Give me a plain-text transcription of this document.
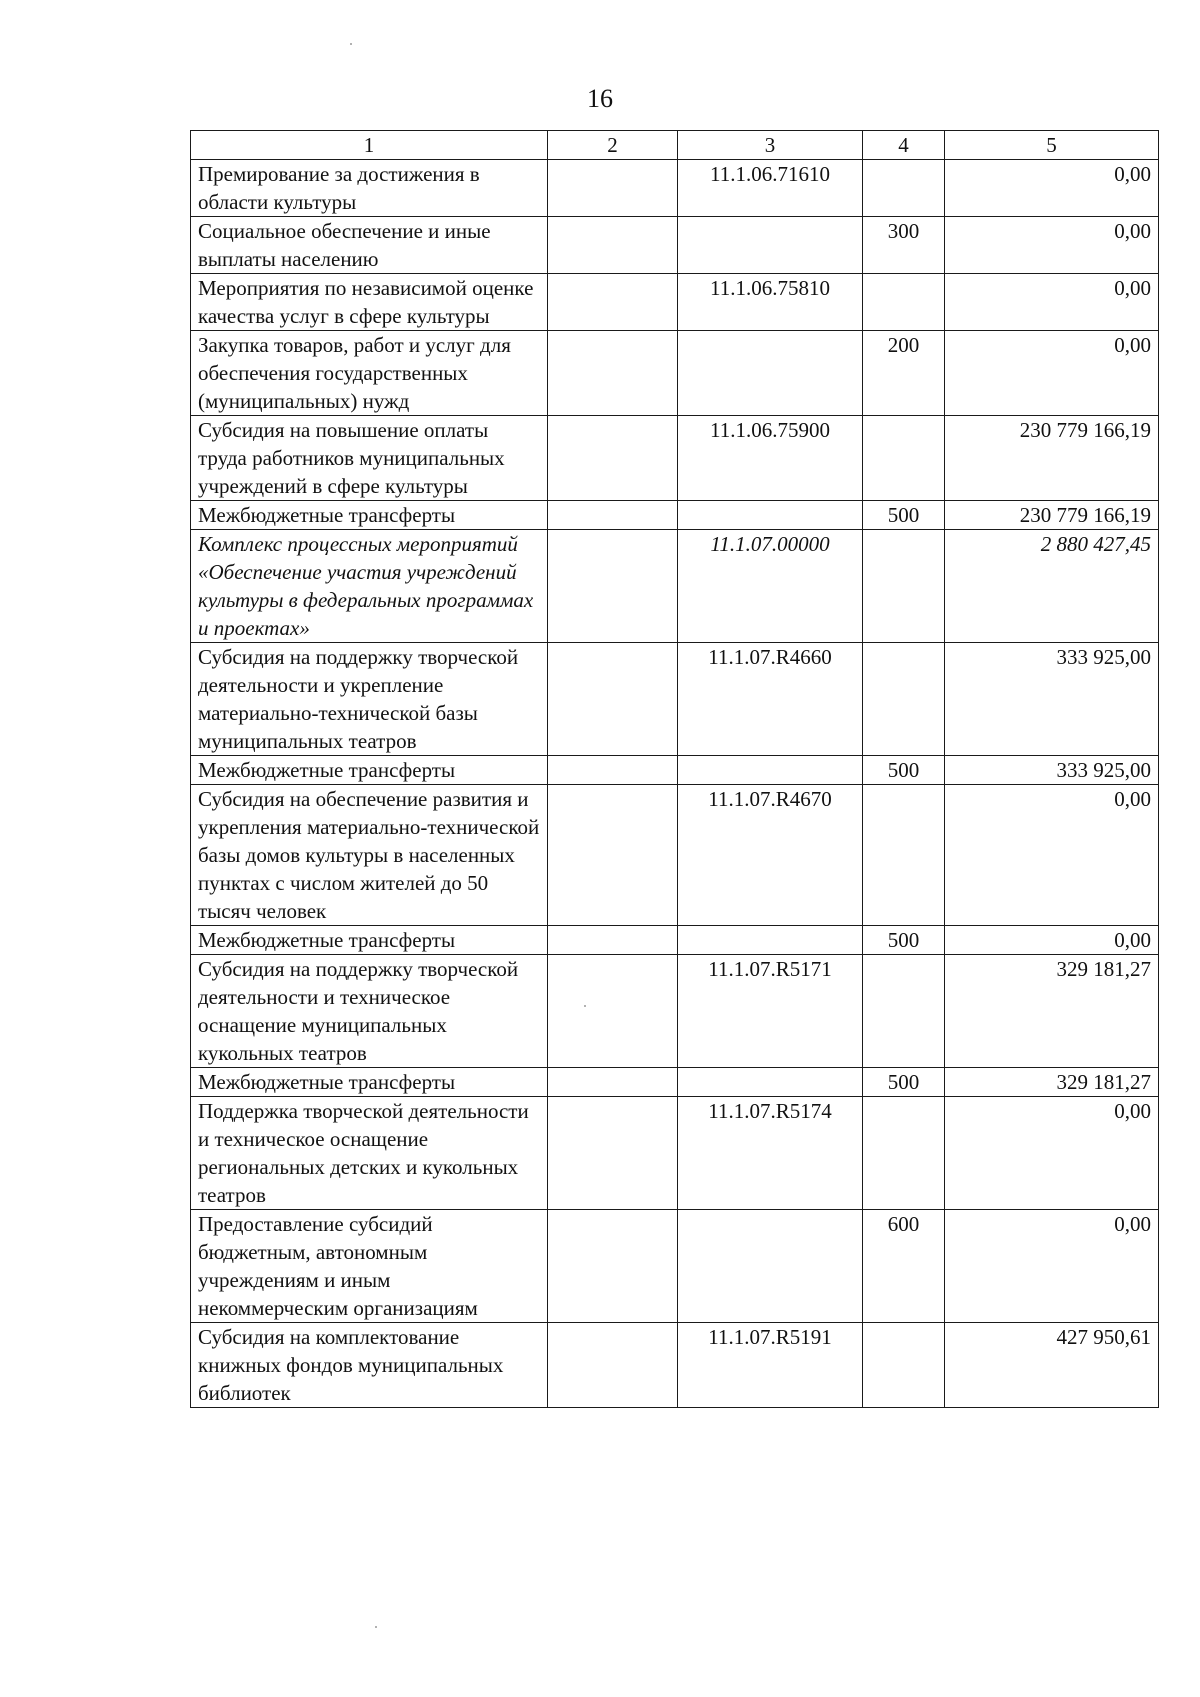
16
1	2	3	4	5
Премирование за достижения в области культуры		11.1.06.71610		0,00
Социальное обеспечение и иные выплаты населению			300	0,00
Мероприятия по независимой оценке качества услуг в сфере культуры		11.1.06.75810		0,00
Закупка товаров, работ и услуг для обеспечения государственных (муниципальных) нужд			200	0,00
Субсидия на повышение оплаты труда работников муниципальных учреждений в сфере культуры		11.1.06.75900		230 779 166,19
Межбюджетные трансферты			500	230 779 166,19
Комплекс процессных мероприятий «Обеспечение участия учреждений культуры в федеральных программах и проектах»		11.1.07.00000		2 880 427,45
Субсидия на поддержку творческой деятельности и укрепление материально-технической базы муниципальных театров		11.1.07.R4660		333 925,00
Межбюджетные трансферты			500	333 925,00
Субсидия на обеспечение развития и укрепления материально-технической базы домов культуры в населенных пунктах с числом жителей до 50 тысяч человек		11.1.07.R4670		0,00
Межбюджетные трансферты			500	0,00
Субсидия на поддержку творческой деятельности и техническое оснащение муниципальных кукольных театров		11.1.07.R5171		329 181,27
Межбюджетные трансферты			500	329 181,27
Поддержка творческой деятельности и техническое оснащение региональных детских и кукольных театров		11.1.07.R5174		0,00
Предоставление субсидий бюджетным, автономным учреждениям и иным некоммерческим организациям			600	0,00
Субсидия на комплектование книжных фондов муниципальных библиотек		11.1.07.R5191		427 950,61
